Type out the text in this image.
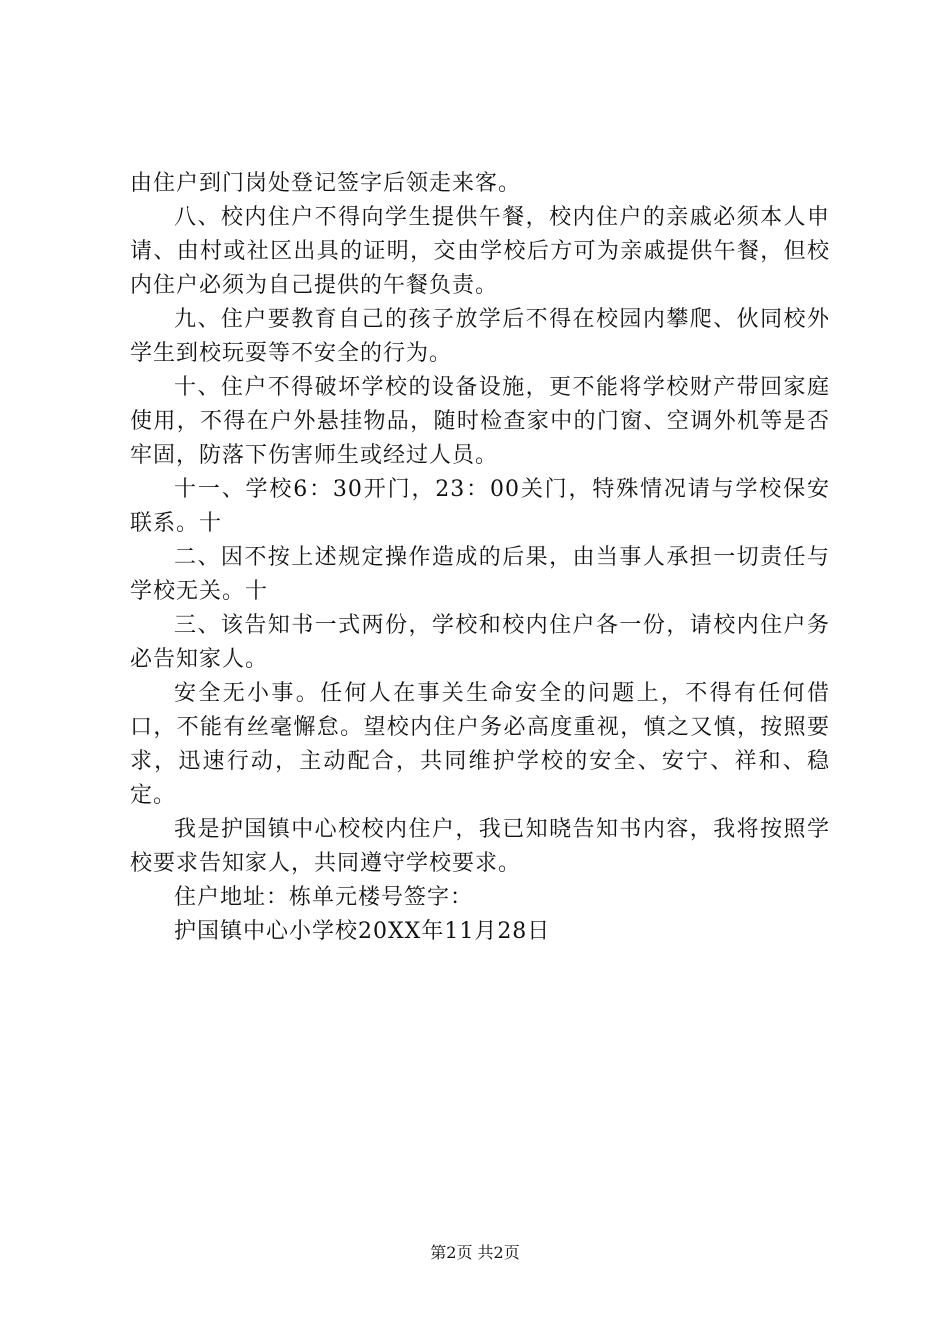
由住户到门岗处登记签字后领走来客。

八、校内住户不得向学生提供午餐，校内住户的亲戚必须本人申请、由村或社区出具的证明，交由学校后方可为亲戚提供午餐，但校内住户必须为自己提供的午餐负责。

九、住户要教育自己的孩子放学后不得在校园内攀爬、伙同校外学生到校玩耍等不安全的行为。

十、住户不得破坏学校的设备设施，更不能将学校财产带回家庭使用，不得在户外悬挂物品，随时检查家中的门窗、空调外机等是否牢固，防落下伤害师生或经过人员。

十一、学校6：30开门，23：00关门，特殊情况请与学校保安联系。十

二、因不按上述规定操作造成的后果，由当事人承担一切责任与学校无关。十

三、该告知书一式两份，学校和校内住户各一份，请校内住户务必告知家人。

安全无小事。任何人在事关生命安全的问题上，不得有任何借口，不能有丝毫懈怠。望校内住户务必高度重视，慎之又慎，按照要求，迅速行动，主动配合，共同维护学校的安全、安宁、祥和、稳定。

我是护国镇中心校校内住户，我已知晓告知书内容，我将按照学校要求告知家人，共同遵守学校要求。

住户地址：栋单元楼号签字：

护国镇中心小学校20XX年11月28日

第2页 共2页
